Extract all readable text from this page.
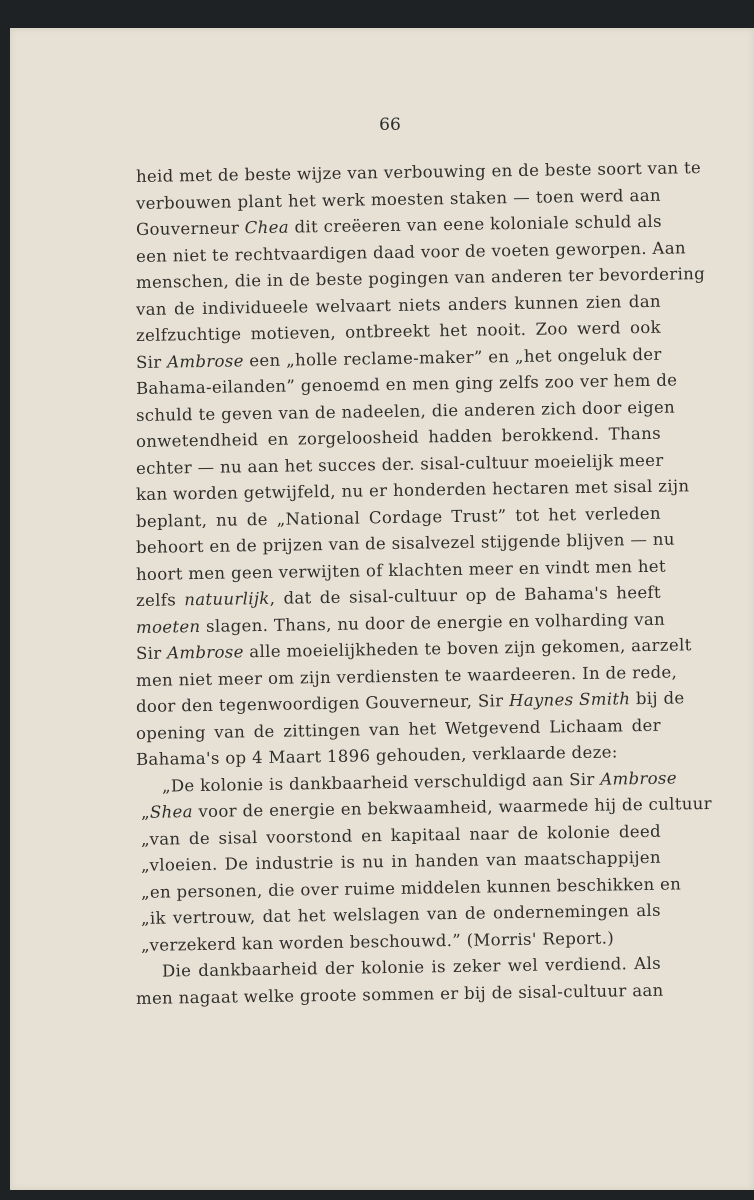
66
heid met de beste wijze van verbouwing en de beste soort van te
verbouwen plant het werk moesten staken — toen werd aan
Gouverneur Chea dit creëeren van eene koloniale schuld als
een niet te rechtvaardigen daad voor de voeten geworpen. Aan
menschen, die in de beste pogingen van anderen ter bevordering
van de individueele welvaart niets anders kunnen zien dan
zelfzuchtige motieven, ontbreekt het nooit. Zoo werd ook
Sir Ambrose een „holle reclame-maker” en „het ongeluk der
Bahama-eilanden” genoemd en men ging zelfs zoo ver hem de
schuld te geven van de nadeelen, die anderen zich door eigen
onwetendheid en zorgeloosheid hadden berokkend. Thans
echter — nu aan het succes der. sisal-cultuur moeielijk meer
kan worden getwijfeld, nu er honderden hectaren met sisal zijn
beplant, nu de „National Cordage Trust” tot het verleden
behoort en de prijzen van de sisalvezel stijgende blijven — nu
hoort men geen verwijten of klachten meer en vindt men het
zelfs natuurlijk, dat de sisal-cultuur op de Bahama's heeft
moeten slagen. Thans, nu door de energie en volharding van
Sir Ambrose alle moeielijkheden te boven zijn gekomen, aarzelt
men niet meer om zijn verdiensten te waardeeren. In de rede,
door den tegenwoordigen Gouverneur, Sir Haynes Smith bij de
opening van de zittingen van het Wetgevend Lichaam der
Bahama's op 4 Maart 1896 gehouden, verklaarde deze:
„De kolonie is dankbaarheid verschuldigd aan Sir Ambrose
„Shea voor de energie en bekwaamheid, waarmede hij de cultuur
„van de sisal voorstond en kapitaal naar de kolonie deed
„vloeien. De industrie is nu in handen van maatschappijen
„en personen, die over ruime middelen kunnen beschikken en
„ik vertrouw, dat het welslagen van de ondernemingen als
„verzekerd kan worden beschouwd.” (Morris' Report.)
Die dankbaarheid der kolonie is zeker wel verdiend. Als
men nagaat welke groote sommen er bij de sisal-cultuur aan
